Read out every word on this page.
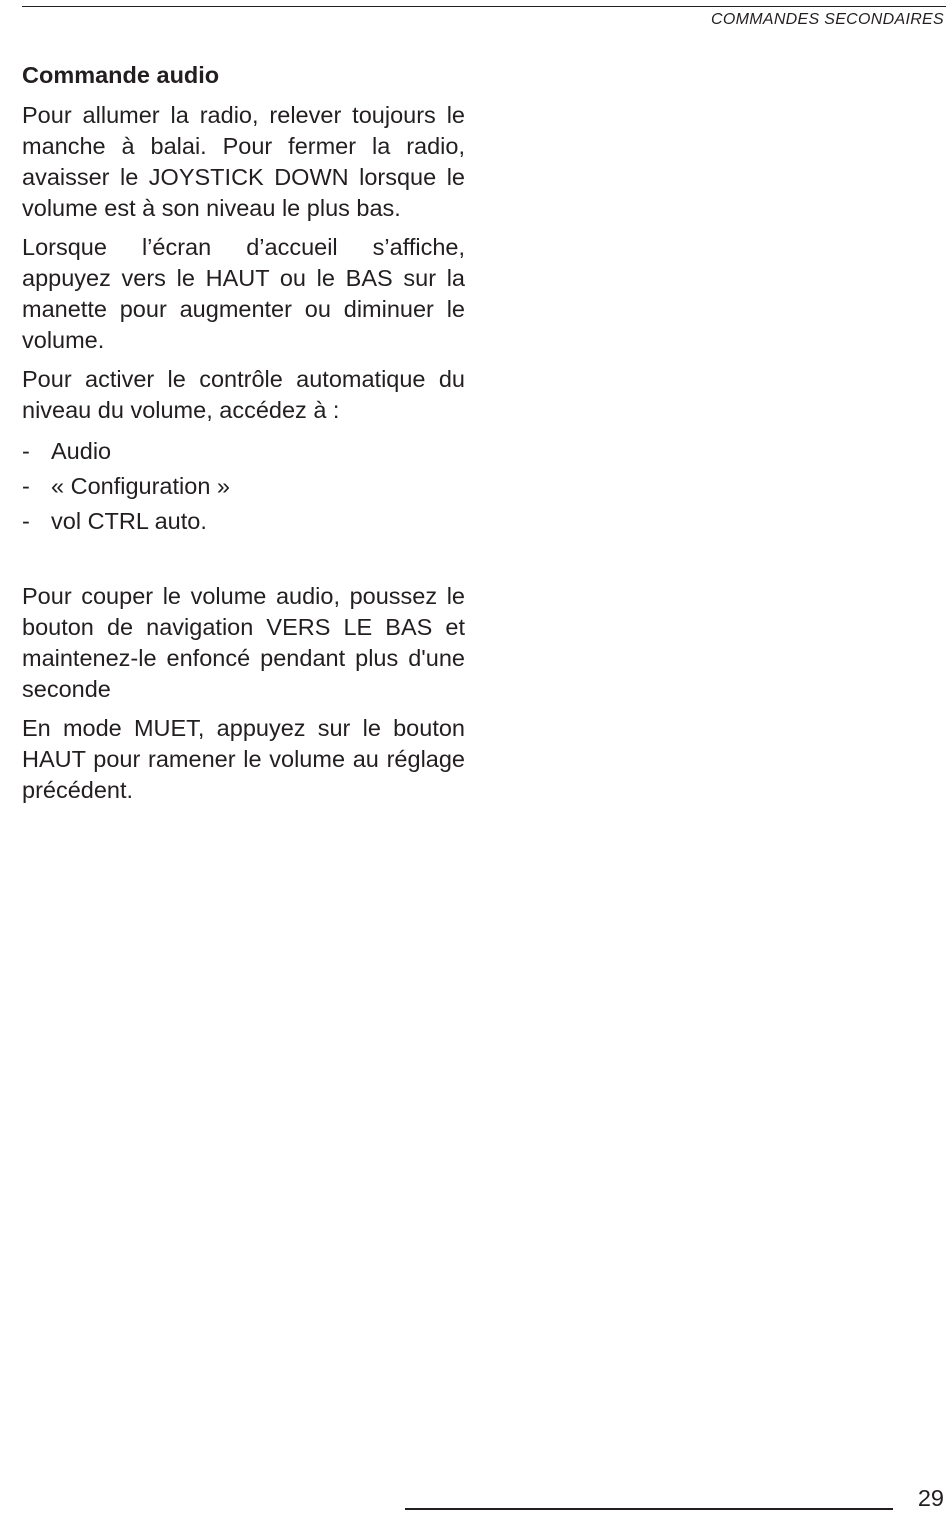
COMMANDES SECONDAIRES
Commande audio

Pour allumer la radio, relever toujours le manche à balai. Pour fermer la radio, avaisser le JOYSTICK DOWN lorsque le volume est à son niveau le plus bas.

Lorsque l’écran d’accueil s’affiche, appuyez vers le HAUT ou le BAS sur la manette pour augmenter ou diminuer le volume.

Pour activer le contrôle automatique du niveau du volume, accédez à :

- Audio
- « Configuration »
- vol CTRL auto.

Pour couper le volume audio, poussez le bouton de navigation VERS LE BAS et maintenez-le enfoncé pendant plus d'une seconde

En mode MUET, appuyez sur le bouton HAUT pour ramener le volume au réglage précédent.

29
